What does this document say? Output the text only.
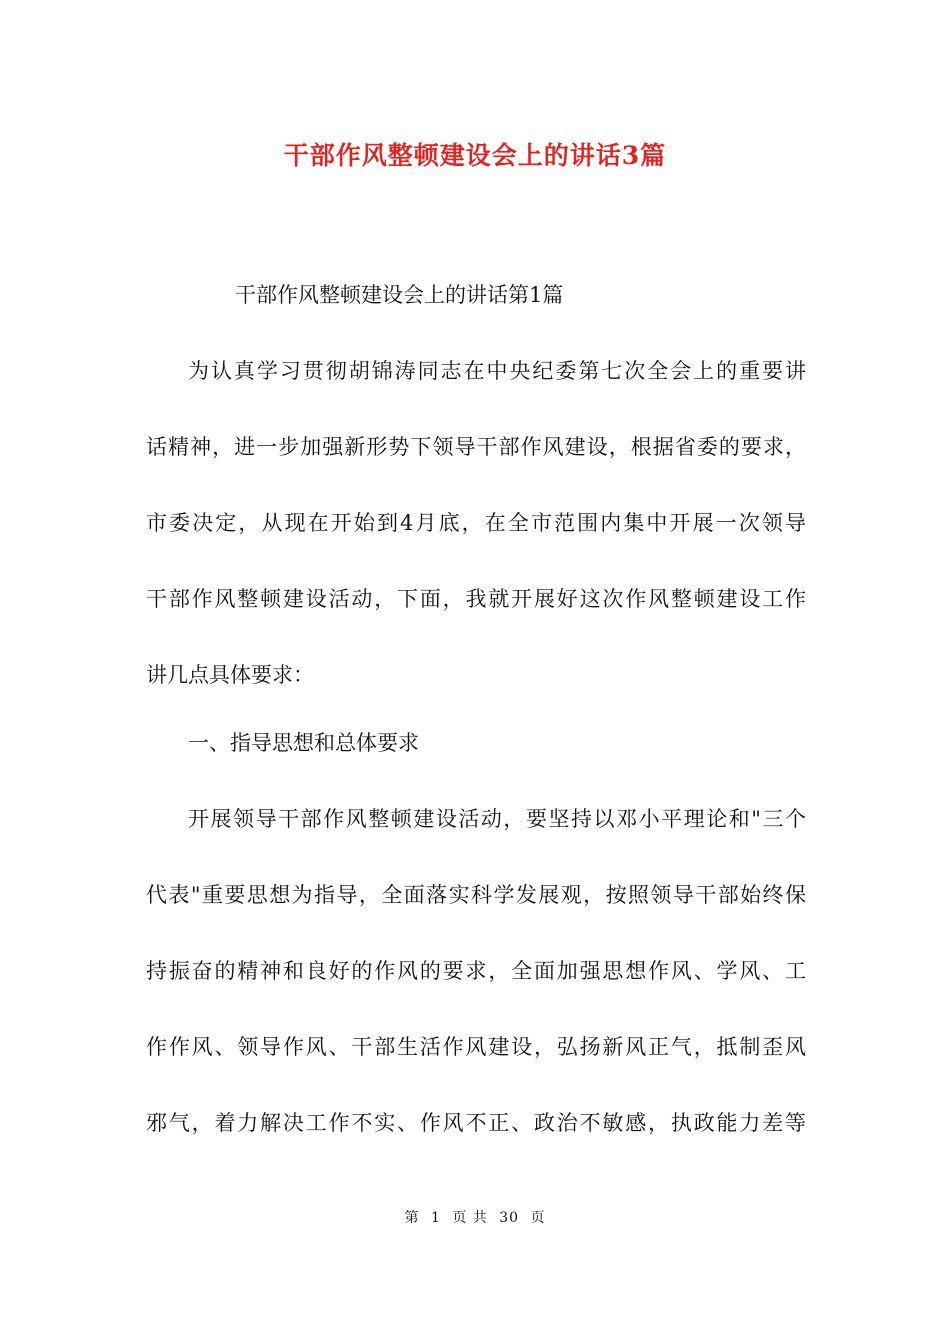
干部作风整顿建设会上的讲话3篇
干部作风整顿建设会上的讲话第1篇
为认真学习贯彻胡锦涛同志在中央纪委第七次全会上的重要讲
话精神，进一步加强新形势下领导干部作风建设，根据省委的要求，
市委决定，从现在开始到4月底，在全市范围内集中开展一次领导
干部作风整顿建设活动，下面，我就开展好这次作风整顿建设工作
讲几点具体要求：
一、指导思想和总体要求
开展领导干部作风整顿建设活动，要坚持以邓小平理论和"三个
代表"重要思想为指导，全面落实科学发展观，按照领导干部始终保
持振奋的精神和良好的作风的要求，全面加强思想作风、学风、工
作作风、领导作风、干部生活作风建设，弘扬新风正气，抵制歪风
邪气，着力解决工作不实、作风不正、政治不敏感，执政能力差等
第 1 页 共 30 页
